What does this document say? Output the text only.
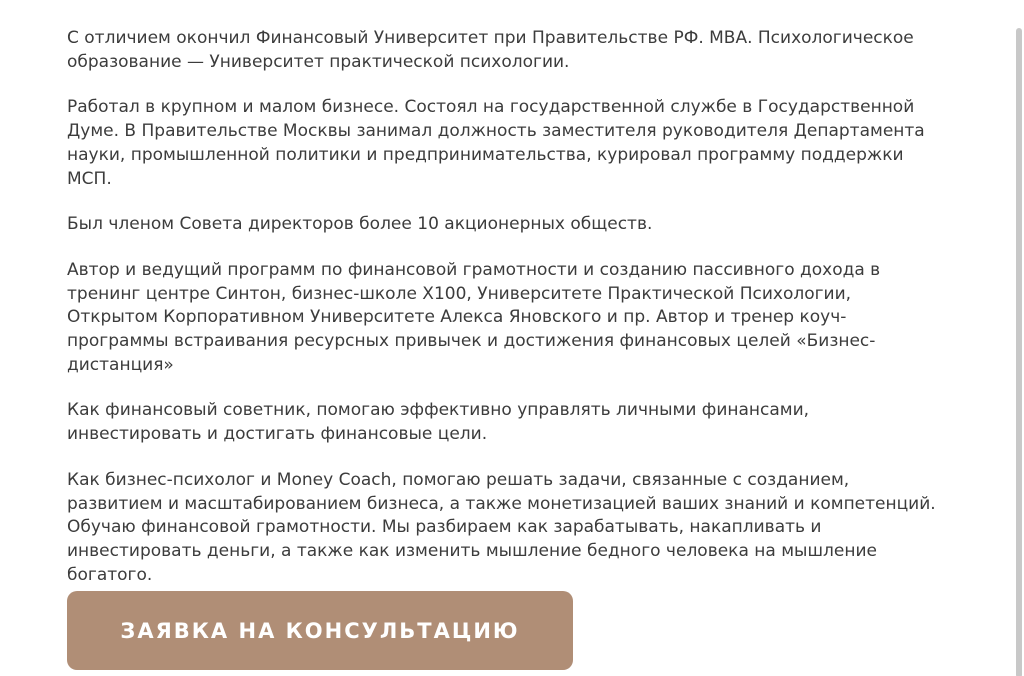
С отличием окончил Финансовый Университет при Правительстве РФ. МВА. Психологическое образование — Университет практической психологии.

Работал в крупном и малом бизнесе. Состоял на государственной службе в Государственной Думе. В Правительстве Москвы занимал должность заместителя руководителя Департамента науки, промышленной политики и предпринимательства, курировал программу поддержки МСП.

Был членом Совета директоров более 10 акционерных обществ.

Автор и ведущий программ по финансовой грамотности и созданию пассивного дохода в тренинг центре Синтон, бизнес-школе Х100, Университете Практической Психологии, Открытом Корпоративном Университете Алекса Яновского и пр. Автор и тренер коуч-программы встраивания ресурсных привычек и достижения финансовых целей «Бизнес-дистанция»

Как финансовый советник, помогаю эффективно управлять личными финансами, инвестировать и достигать финансовые цели.

Как бизнес-психолог и Money Coach, помогаю решать задачи, связанные с созданием, развитием и масштабированием бизнеса, а также монетизацией ваших знаний и компетенций. Обучаю финансовой грамотности. Мы разбираем как зарабатывать, накапливать и инвестировать деньги, а также как изменить мышление бедного человека на мышление богатого.

ЗАЯВКА НА КОНСУЛЬТАЦИЮ
